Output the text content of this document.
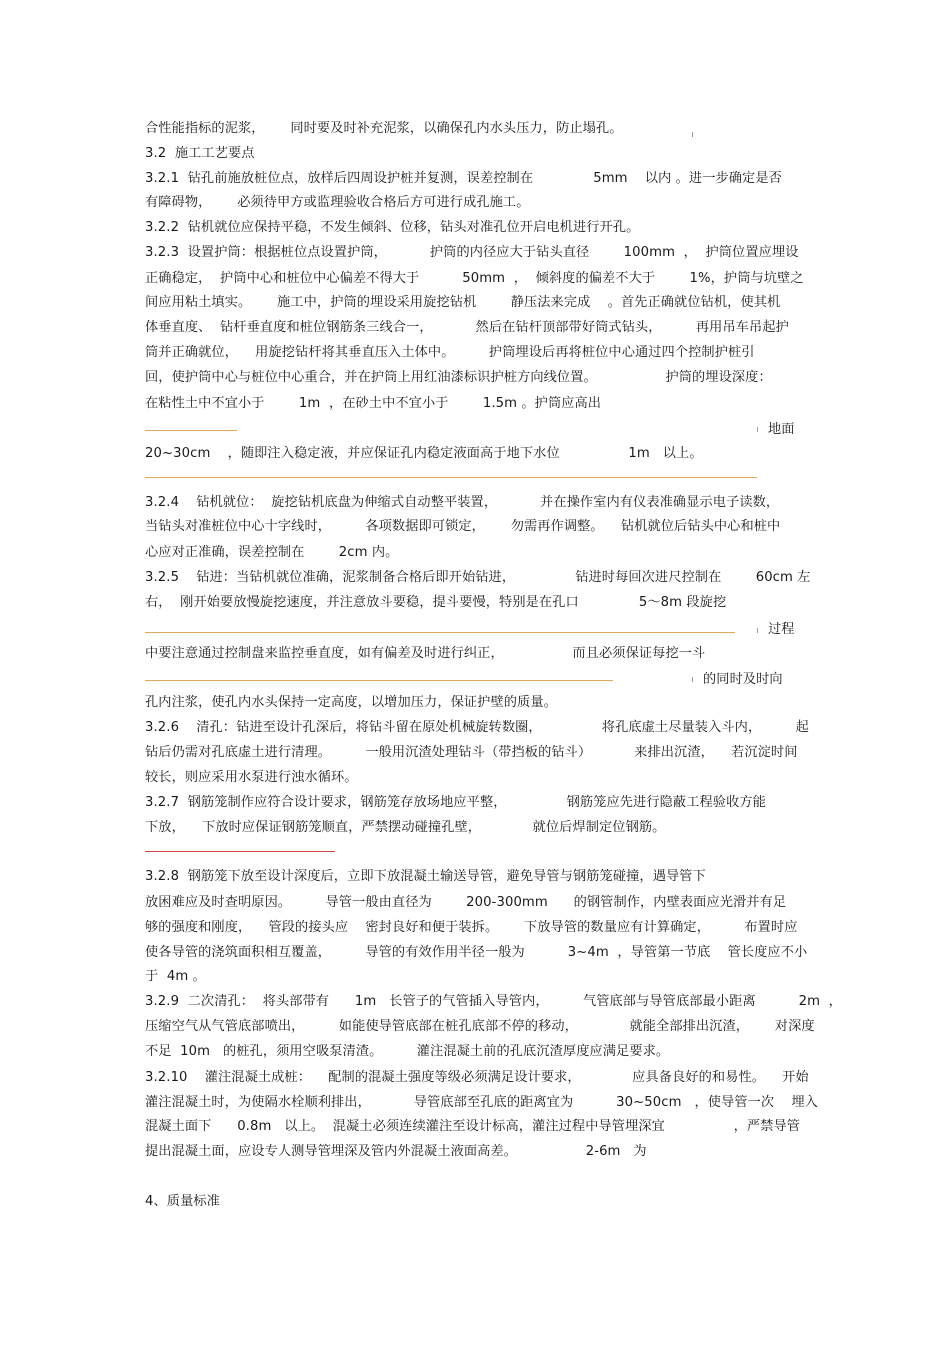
合性能指标的泥浆，      同时要及时补充泥浆，以确保孔内水头压力，防止塌孔。
3.2  施工工艺要点
3.2.1  钻孔前施放桩位点，放样后四周设护桩并复测，误差控制在              5mm    以内 。进一步确定是否
有障碍物，      必须待甲方或监理验收合格后方可进行成孔施工。
3.2.2  钻机就位应保持平稳，不发生倾斜、位移，钻头对准孔位开启电机进行开孔。
3.2.3  设置护筒：根据桩位点设置护筒，          护筒的内径应大于钻头直径        100mm  ，  护筒位置应埋设
正确稳定，  护筒中心和桩位中心偏差不得大于          50mm  ，  倾斜度的偏差不大于        1%，护筒与坑壁之
间应用粘土填实。      施工中，护筒的埋设采用旋挖钻机        静压法来完成    。首先正确就位钻机，使其机
体垂直度、  钻杆垂直度和桩位钢筋条三线合一，          然后在钻杆顶部带好筒式钻头，        再用吊车吊起护
筒并正确就位，    用旋挖钻杆将其垂直压入土体中。        护筒埋设后再将桩位中心通过四个控制护桩引
回，使护筒中心与桩位中心重合，并在护筒上用红油漆标识护桩方向线位置。                护筒的埋设深度：
在粘性土中不宜小于        1m  ，在砂土中不宜小于        1.5m 。护筒应高出
地面
20~30cm    ，随即注入稳定液，并应保证孔内稳定液面高于地下水位                1m   以上。
3.2.4    钻机就位：  旋挖钻机底盘为伸缩式自动整平装置，          并在操作室内有仪表准确显示电子读数，
当钻头对准桩位中心十字线时，        各项数据即可锁定，      勿需再作调整。    钻机就位后钻头中心和桩中
心应对正准确，误差控制在        2cm 内。
3.2.5    钻进：当钻机就位准确，泥浆制备合格后即开始钻进，              钻进时每回次进尺控制在        60cm 左
右，  刚开始要放慢旋挖速度，并注意放斗要稳，提斗要慢，特别是在孔口              5～8m 段旋挖
过程
中要注意通过控制盘来监控垂直度，如有偏差及时进行纠正，                而且必须保证每挖一斗
的同时及时向
孔内注浆，使孔内水头保持一定高度，以增加压力，保证护壁的质量。
3.2.6    清孔：钻进至设计孔深后，将钻斗留在原处机械旋转数圈，              将孔底虚土尽量装入斗内，        起
钻后仍需对孔底虚土进行清理。        一般用沉渣处理钻斗（带挡板的钻斗）          来排出沉渣，    若沉淀时间
较长，则应采用水泵进行浊水循环。
3.2.7  钢筋笼制作应符合设计要求，钢筋笼存放场地应平整，              钢筋笼应先进行隐蔽工程验收方能
下放，    下放时应保证钢筋笼顺直，严禁摆动碰撞孔壁，            就位后焊制定位钢筋。
3.2.8  钢筋笼下放至设计深度后，立即下放混凝土输送导管，避免导管与钢筋笼碰撞，遇导管下
放困难应及时查明原因。        导管一般由直径为        200-300mm      的钢管制作，内壁表面应光滑并有足
够的强度和刚度，    管段的接头应    密封良好和便于装拆。      下放导管的数量应有计算确定，        布置时应
使各导管的浇筑面积相互覆盖，        导管的有效作用半径一般为          3~4m  ，导管第一节底    管长度应不小
于  4m 。
3.2.9  二次清孔：  将头部带有      1m   长管子的气管插入导管内，        气管底部与导管底部最小距离          2m  ，
压缩空气从气管底部喷出，        如能使导管底部在桩孔底部不停的移动，            就能全部排出沉渣，      对深度
不足  10m   的桩孔，须用空吸泵清渣。        灌注混凝土前的孔底沉渣厚度应满足要求。
3.2.10    灌注混凝土成桩：    配制的混凝土强度等级必须满足设计要求，            应具备良好的和易性。    开始
灌注混凝土时，为使隔水栓顺利排出，          导管底部至孔底的距离宜为          30~50cm   ，使导管一次    埋入
混凝土面下      0.8m   以上。  混凝土必须连续灌注至设计标高，灌注过程中导管埋深宜                ，严禁导管
提出混凝土面，应设专人测导管埋深及管内外混凝土液面高差。                2-6m   为
4、质量标准
